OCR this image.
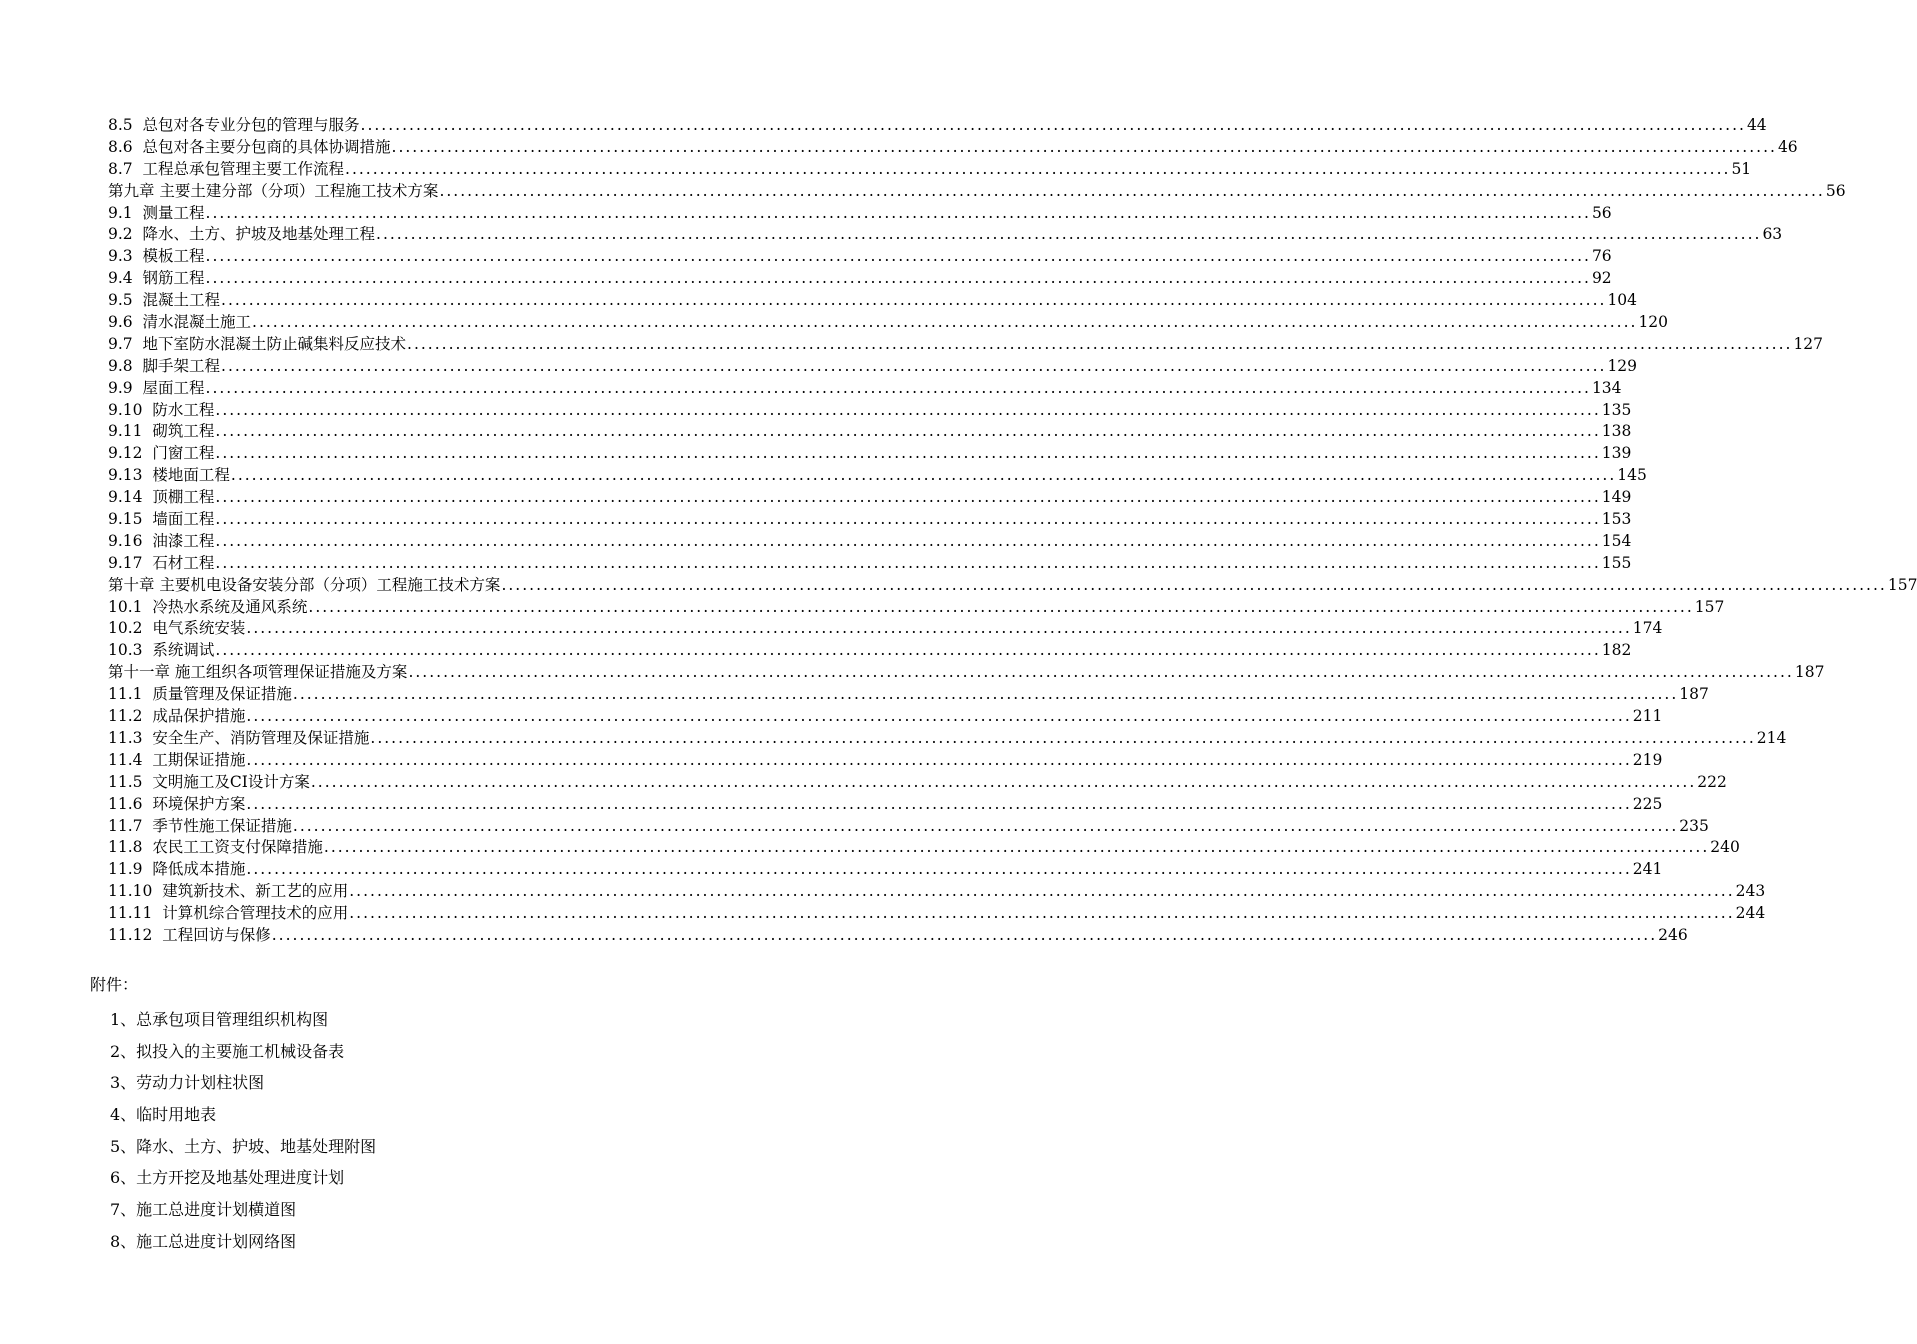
8.5 总包对各专业分包的管理与服务 ........................................................................................................................................................................................................ 44
8.6 总包对各主要分包商的具体协调措施 ........................................................................................................................................................................................................ 46
8.7 工程总承包管理主要工作流程 ........................................................................................................................................................................................................ 51
第九章 主要土建分部（分项）工程施工技术方案 ........................................................................................................................................................................................................ 56
9.1 测量工程 ........................................................................................................................................................................................................ 56
9.2 降水、土方、护坡及地基处理工程 ........................................................................................................................................................................................................ 63
9.3 模板工程 ........................................................................................................................................................................................................ 76
9.4 钢筋工程 ........................................................................................................................................................................................................ 92
9.5 混凝土工程 ........................................................................................................................................................................................................ 104
9.6 清水混凝土施工 ........................................................................................................................................................................................................ 120
9.7 地下室防水混凝土防止碱集料反应技术 ........................................................................................................................................................................................................ 127
9.8 脚手架工程 ........................................................................................................................................................................................................ 129
9.9 屋面工程 ........................................................................................................................................................................................................ 134
9.10 防水工程 ........................................................................................................................................................................................................ 135
9.11 砌筑工程 ........................................................................................................................................................................................................ 138
9.12 门窗工程 ........................................................................................................................................................................................................ 139
9.13 楼地面工程 ........................................................................................................................................................................................................ 145
9.14 顶棚工程 ........................................................................................................................................................................................................ 149
9.15 墙面工程 ........................................................................................................................................................................................................ 153
9.16 油漆工程 ........................................................................................................................................................................................................ 154
9.17 石材工程 ........................................................................................................................................................................................................ 155
第十章 主要机电设备安装分部（分项）工程施工技术方案 ........................................................................................................................................................................................................ 157
10.1 冷热水系统及通风系统 ........................................................................................................................................................................................................ 157
10.2 电气系统安装 ........................................................................................................................................................................................................ 174
10.3 系统调试 ........................................................................................................................................................................................................ 182
第十一章 施工组织各项管理保证措施及方案 ........................................................................................................................................................................................................ 187
11.1 质量管理及保证措施 ........................................................................................................................................................................................................ 187
11.2 成品保护措施 ........................................................................................................................................................................................................ 211
11.3 安全生产、消防管理及保证措施 ........................................................................................................................................................................................................ 214
11.4 工期保证措施 ........................................................................................................................................................................................................ 219
11.5 文明施工及CI设计方案 ........................................................................................................................................................................................................ 222
11.6 环境保护方案 ........................................................................................................................................................................................................ 225
11.7 季节性施工保证措施 ........................................................................................................................................................................................................ 235
11.8 农民工工资支付保障措施 ........................................................................................................................................................................................................ 240
11.9 降低成本措施 ........................................................................................................................................................................................................ 241
11.10 建筑新技术、新工艺的应用 ........................................................................................................................................................................................................ 243
11.11 计算机综合管理技术的应用 ........................................................................................................................................................................................................ 244
11.12 工程回访与保修 ........................................................................................................................................................................................................ 246
附件：
1、总承包项目管理组织机构图
2、拟投入的主要施工机械设备表
3、劳动力计划柱状图
4、临时用地表
5、降水、土方、护坡、地基处理附图
6、土方开挖及地基处理进度计划
7、施工总进度计划横道图
8、施工总进度计划网络图
